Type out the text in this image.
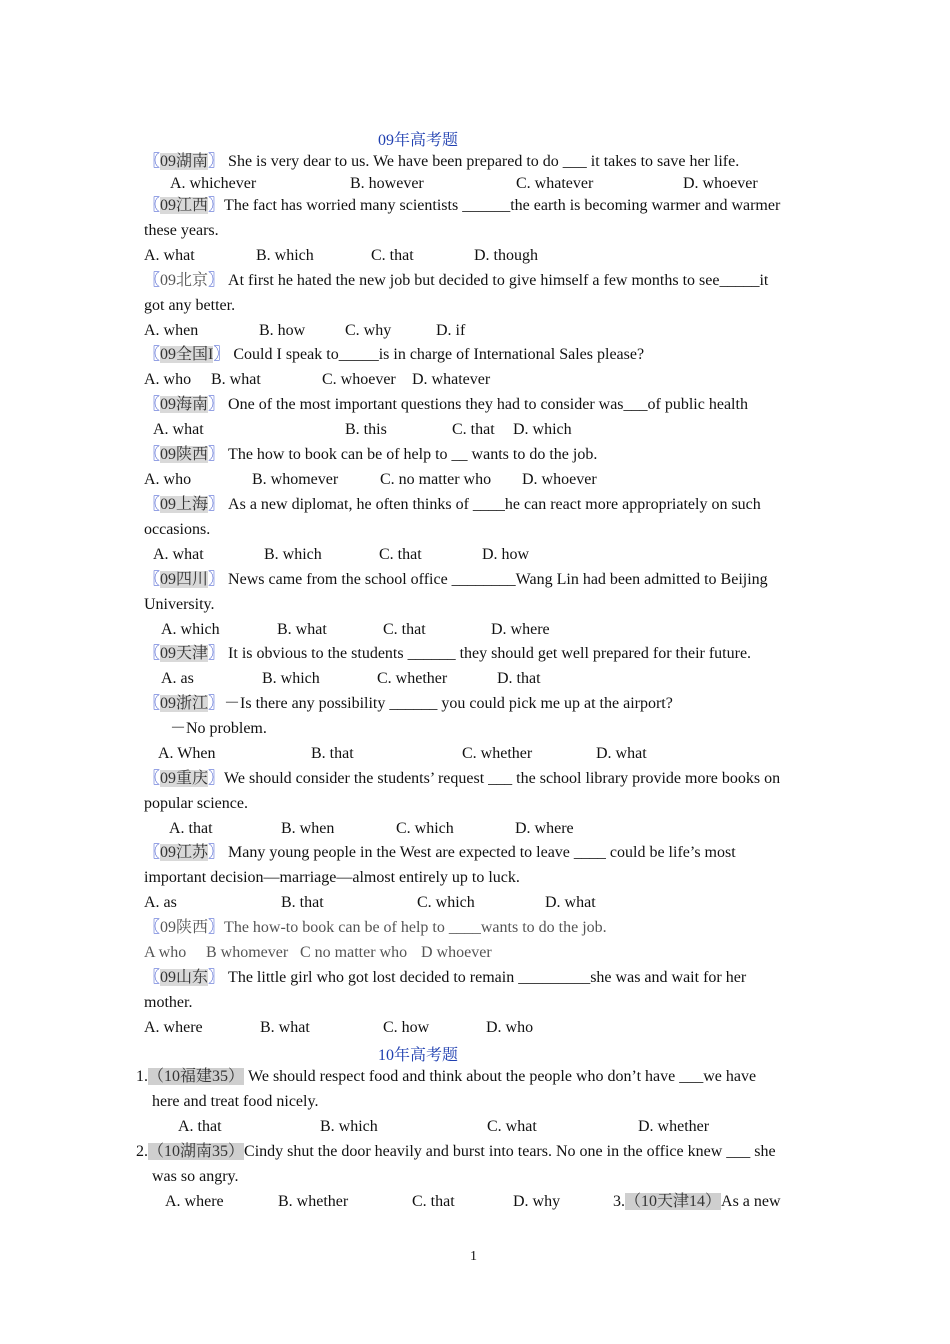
09年高考题
〖09湖南〗 She is very dear to us. We have been prepared to do ___ it takes to save her life.
A. whichever	B. however	C. whatever	D. whoever
〖09江西〗The fact has worried many scientists ______the earth is becoming warmer and warmer
these years.
A. what	B. which	C. that	D. though
〖09北京〗 At first he hated the new job but decided to give himself a few months to see_____it
got any better.
A. when	B. how C. why	D. if
〖09全国I〗 Could I speak to_____is in charge of International Sales please?
A. who B. what	C. whoever D. whatever
〖09海南〗 One of the most important questions they had to consider was___of public health
A. what	B. this	C. that D. which
〖09陕西〗 The how to book can be of help to __ wants to do the job.
A. who	B. whomever	C. no matter who D. whoever
〖09上海〗 As a new diplomat, he often thinks of ____he can react more appropriately on such
occasions.
A. what	B. which	C. that	D. how
〖09四川〗 News came from the school office ________Wang Lin had been admitted to Beijing
University.
A. which	B. what	C. that	D. where
〖09天津〗 It is obvious to the students ______ they should get well prepared for their future.
A. as	B. which	C. whether	D. that
〖09浙江〗－Is there any possibility ______ you could pick me up at the airport?
－No problem.
A. When	B. that	C. whether	D. what
〖09重庆〗We should consider the students’ request ___ the school library provide more books on
popular science.
A. that	B. when	C. which	D. where
〖09江苏〗 Many young people in the West are expected to leave ____ could be life’s most
important decision—marriage—almost entirely up to luck.
A. as	B. that	C. which	D. what
〖09陕西〗The how-to book can be of help to ____wants to do the job.
A who B whomever C no matter who D whoever
〖09山东〗 The little girl who got lost decided to remain _________she was and wait for her
mother.
A. where	B. what	C. how	D. who
10年高考题
1.（10福建35） We should respect food and think about the people who don’t have ___we have
here and treat food nicely.
A. that	B. which	C. what	D. whether
2.（10湖南35）Cindy shut the door heavily and burst into tears. No one in the office knew ___ she
was so angry.
A. where	B. whether	C. that	D. why	3.（10天津14）As a new
1
